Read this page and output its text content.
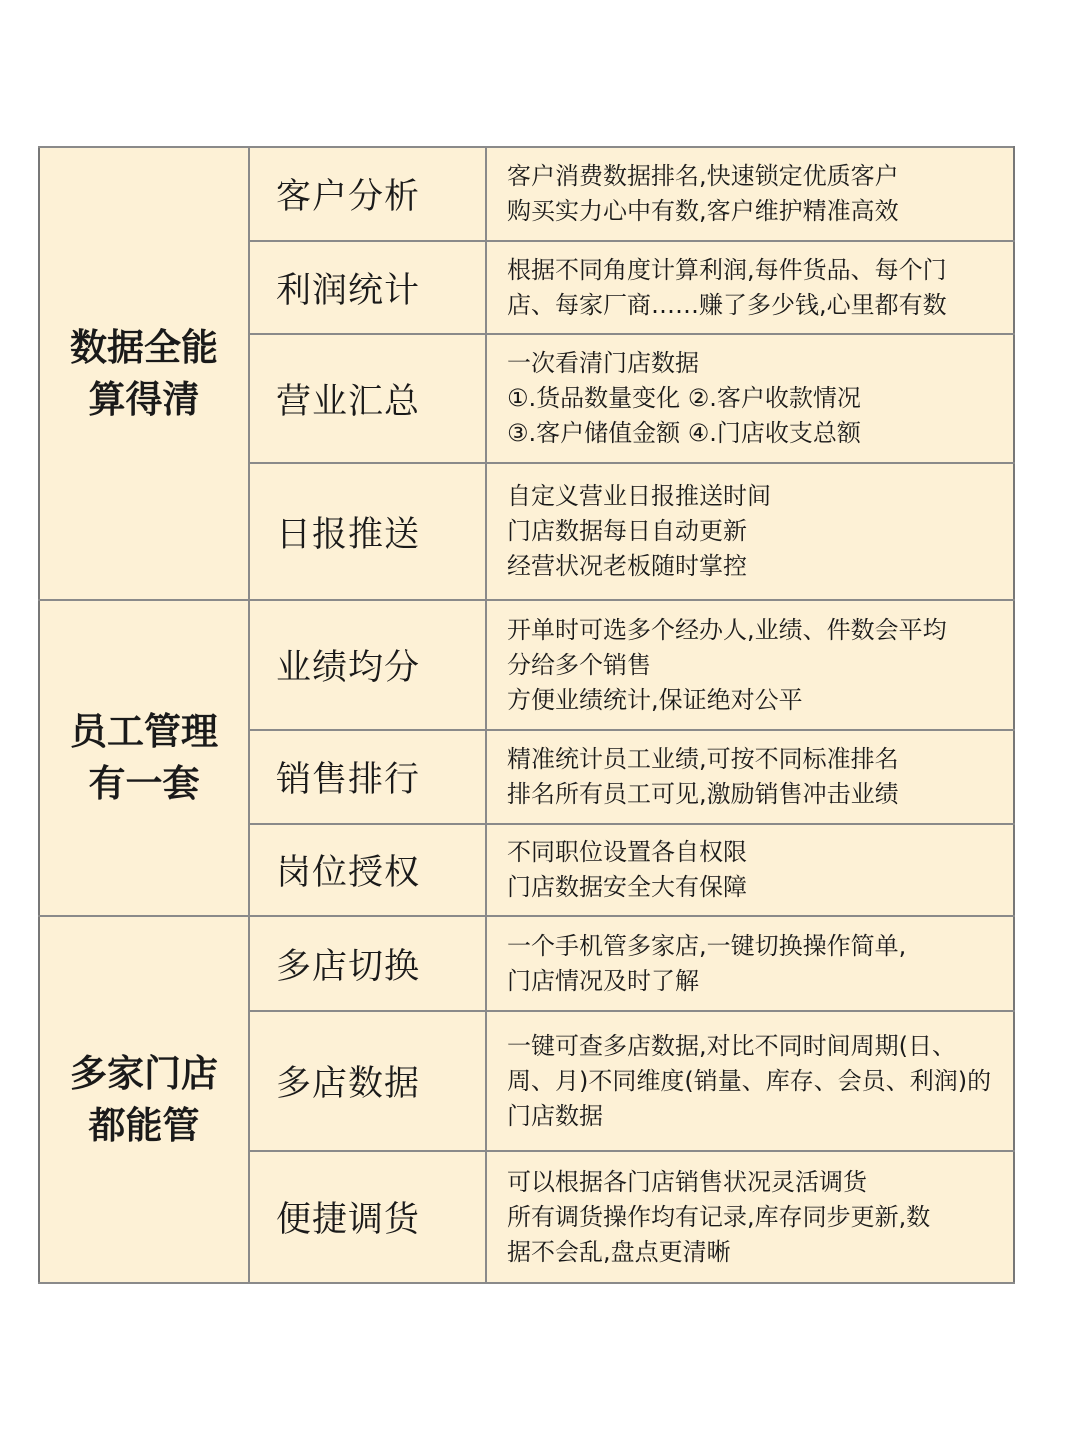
数据全能
算得清	客户分析	客户消费数据排名,快速锁定优质客户
购买实力心中有数,客户维护精准高效

	利润统计	根据不同角度计算利润,每件货品、每个门
店、每家厂商……赚了多少钱,心里都有数

	营业汇总	一次看清门店数据
①.货品数量变化 ②.客户收款情况
③.客户储值金额 ④.门店收支总额

	日报推送	自定义营业日报推送时间
门店数据每日自动更新
经营状况老板随时掌控

员工管理
有一套	业绩均分	开单时可选多个经办人,业绩、件数会平均
分给多个销售
方便业绩统计,保证绝对公平

	销售排行	精准统计员工业绩,可按不同标准排名
排名所有员工可见,激励销售冲击业绩

	岗位授权	不同职位设置各自权限
门店数据安全大有保障

多家门店
都能管	多店切换	一个手机管多家店,一键切换操作简单,
门店情况及时了解

	多店数据	一键可查多店数据,对比不同时间周期(日、
周、月)不同维度(销量、库存、会员、利润)的
门店数据

	便捷调货	可以根据各门店销售状况灵活调货
所有调货操作均有记录,库存同步更新,数
据不会乱,盘点更清晰
